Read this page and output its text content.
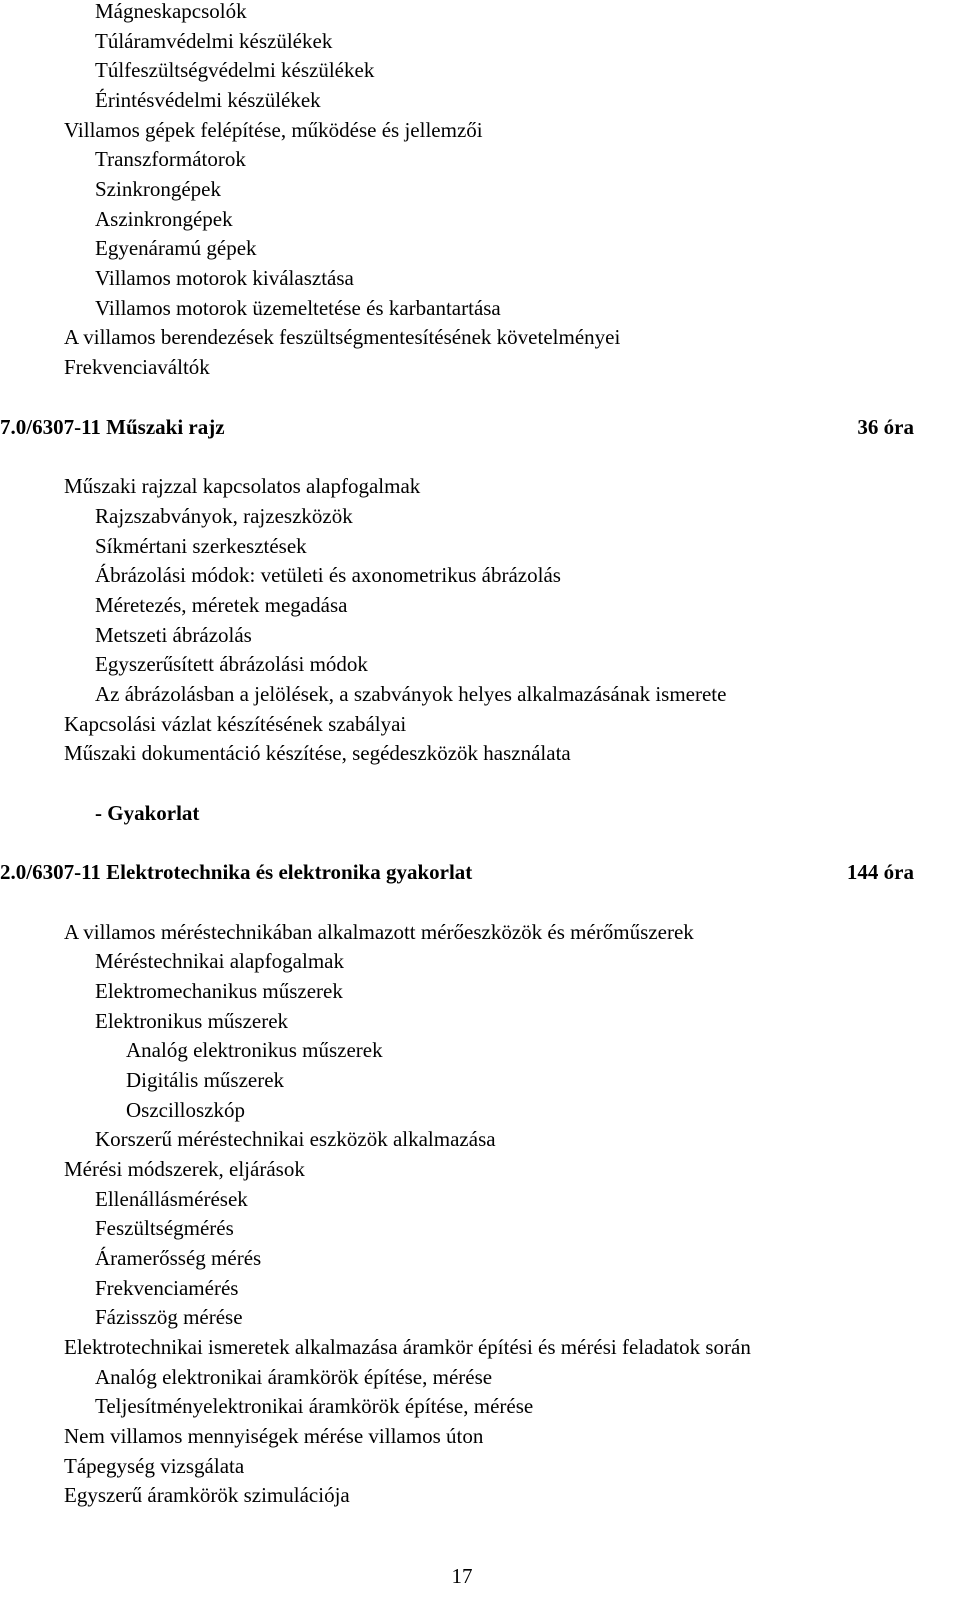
Mágneskapcsolók
Túláramvédelmi készülékek
Túlfeszültségvédelmi készülékek
Érintésvédelmi készülékek
Villamos gépek felépítése, működése és jellemzői
Transzformátorok
Szinkrongépek
Aszinkrongépek
Egyenáramú gépek
Villamos motorok kiválasztása
Villamos motorok üzemeltetése és karbantartása
A villamos berendezések feszültségmentesítésének követelményei
Frekvenciaváltók
7.0/6307-11 Műszaki rajz	36 óra
Műszaki rajzzal kapcsolatos alapfogalmak
Rajzszabványok, rajzeszközök
Síkmértani szerkesztések
Ábrázolási módok: vetületi és axonometrikus ábrázolás
Méretezés, méretek megadása
Metszeti ábrázolás
Egyszerűsített ábrázolási módok
Az ábrázolásban a jelölések, a szabványok helyes alkalmazásának ismerete
Kapcsolási vázlat készítésének szabályai
Műszaki dokumentáció készítése, segédeszközök használata
- Gyakorlat
2.0/6307-11 Elektrotechnika és elektronika gyakorlat	144 óra
A villamos méréstechnikában alkalmazott mérőeszközök és mérőműszerek
Méréstechnikai alapfogalmak
Elektromechanikus műszerek
Elektronikus műszerek
Analóg elektronikus műszerek
Digitális műszerek
Oszcilloszkóp
Korszerű méréstechnikai eszközök alkalmazása
Mérési módszerek, eljárások
Ellenállásmérések
Feszültségmérés
Áramerősség mérés
Frekvenciamérés
Fázisszög mérése
Elektrotechnikai ismeretek alkalmazása áramkör építési és mérési feladatok során
Analóg elektronikai áramkörök építése, mérése
Teljesítményelektronikai áramkörök építése, mérése
Nem villamos mennyiségek mérése villamos úton
Tápegység vizsgálata
Egyszerű áramkörök szimulációja
17
